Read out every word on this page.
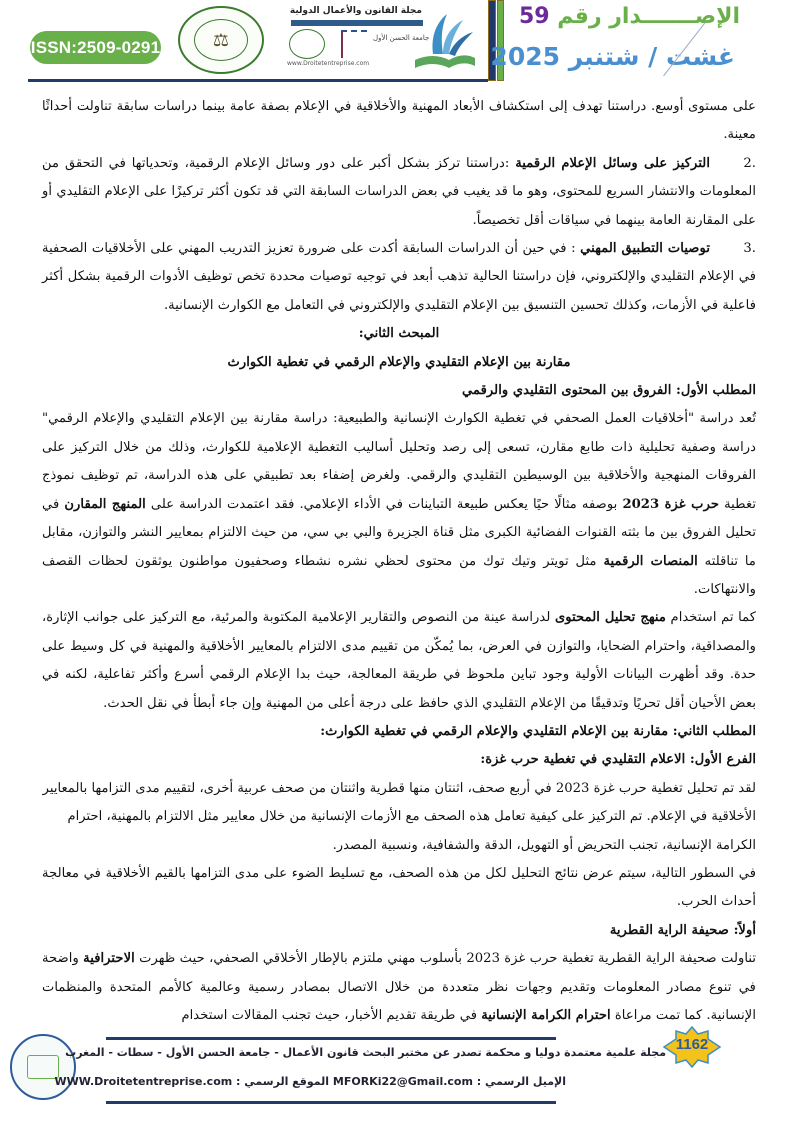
ISSN:2509-0291	⚖
مجلة القانون والأعمال الدولية
جامعة الحسن الأول
www.Droitetentreprise.com
الإصـــــــدار رقم 59
غشت / شتنبر 2025

على مستوى أوسع. دراستنا تهدف إلى استكشاف الأبعاد المهنية والأخلاقية في الإعلام بصفة عامة بينما دراسات سابقة تناولت أحداثًا معينة.

.2التركيز على وسائل الإعلام الرقمية :دراستنا تركز بشكل أكبر على دور وسائل الإعلام الرقمية، وتحدياتها في التحقق من المعلومات والانتشار السريع للمحتوى، وهو ما قد يغيب في بعض الدراسات السابقة التي قد تكون أكثر تركيزًا على الإعلام التقليدي أو على المقارنة العامة بينهما في سياقات أقل تخصيصاً.

.3توصيات التطبيق المهني : في حين أن الدراسات السابقة أكدت على ضرورة تعزيز التدريب المهني على الأخلاقيات الصحفية في الإعلام التقليدي والإلكتروني، فإن دراستنا الحالية تذهب أبعد في توجيه توصيات محددة تخص توظيف الأدوات الرقمية بشكل أكثر فاعلية في الأزمات، وكذلك تحسين التنسيق بين الإعلام التقليدي والإلكتروني في التعامل مع الكوارث الإنسانية.

المبحث الثاني:

مقارنة بين الإعلام التقليدي والإعلام الرقمي في تغطية الكوارث

المطلب الأول: الفروق بين المحتوى التقليدي والرقمي

تُعد دراسة "أخلاقيات العمل الصحفي في تغطية الكوارث الإنسانية والطبيعية: دراسة مقارنة بين الإعلام التقليدي والإعلام الرقمي" دراسة وصفية تحليلية ذات طابع مقارن، تسعى إلى رصد وتحليل أساليب التغطية الإعلامية للكوارث، وذلك من خلال التركيز على الفروقات المنهجية والأخلاقية بين الوسيطين التقليدي والرقمي. ولغرض إضفاء بعد تطبيقي على هذه الدراسة، تم توظيف نموذج تغطية حرب غزة 2023 بوصفه مثالًا حيًا يعكس طبيعة التباينات في الأداء الإعلامي. فقد اعتمدت الدراسة على المنهج المقارن في تحليل الفروق بين ما بثته القنوات الفضائية الكبرى مثل قناة الجزيرة والبي بي سي، من حيث الالتزام بمعايير النشر والتوازن، مقابل ما تناقلته المنصات الرقمية مثل تويتر وتيك توك من محتوى لحظي نشره نشطاء وصحفيون مواطنون يوثقون لحظات القصف والانتهاكات.

كما تم استخدام منهج تحليل المحتوى لدراسة عينة من النصوص والتقارير الإعلامية المكتوبة والمرئية، مع التركيز على جوانب الإثارة، والمصداقية، واحترام الضحايا، والتوازن في العرض، بما يُمكّن من تقييم مدى الالتزام بالمعايير الأخلاقية والمهنية في كل وسيط على حدة. وقد أظهرت البيانات الأولية وجود تباين ملحوظ في طريقة المعالجة، حيث بدا الإعلام الرقمي أسرع وأكثر تفاعلية، لكنه في بعض الأحيان أقل تحريًا وتدقيقًا من الإعلام التقليدي الذي حافظ على درجة أعلى من المهنية وإن جاء أبطأ في نقل الحدث.

المطلب الثاني: مقارنة بين الإعلام التقليدي والإعلام الرقمي في تغطية الكوارث:

الفرع الأول: الاعلام التقليدي في تغطية حرب غزة:

لقد تم تحليل تغطية حرب غزة 2023 في أربع صحف، اثنتان منها قطرية واثنتان من صحف عربية أخرى، لتقييم مدى التزامها بالمعايير الأخلاقية في الإعلام. تم التركيز على كيفية تعامل هذه الصحف مع الأزمات الإنسانية من خلال معايير مثل الالتزام بالمهنية، احترام الكرامة الإنسانية، تجنب التحريض أو التهويل، الدقة والشفافية، ونسبية المصدر.

في السطور التالية، سيتم عرض نتائج التحليل لكل من هذه الصحف، مع تسليط الضوء على مدى التزامها بالقيم الأخلاقية في معالجة أحداث الحرب.

أولاً: صحيفة الراية القطرية

تناولت صحيفة الراية القطرية تغطية حرب غزة 2023 بأسلوب مهني ملتزم بالإطار الأخلاقي الصحفي، حيث ظهرت الاحترافية واضحة في تنوع مصادر المعلومات وتقديم وجهات نظر متعددة من خلال الاتصال بمصادر رسمية وعالمية كالأمم المتحدة والمنظمات الإنسانية. كما تمت مراعاة احترام الكرامة الإنسانية في طريقة تقديم الأخبار، حيث تجنب المقالات استخدام

مجلة علمية معتمدة دوليا و محكمة تصدر عن مختبر البحث قانون الأعمال - جامعة الحسن الأول - سطات - المغرب
الإميل الرسمي : MFORKi22@Gmail.com الموقع الرسمي : WWW.Droitetentreprise.com
1162
